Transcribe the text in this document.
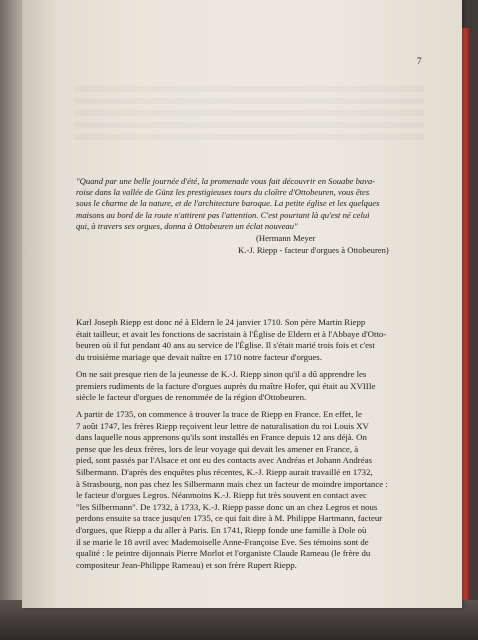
7

"Quand par une belle journée d'été, la promenade vous fait découvrir en Souabe bava-
roise dans la vallée de Günz les prestigieuses tours du cloître d'Ottobeuren, vous êtes
sous le charme de la nature, et de l'architecture baroque. La petite église et les quelques
maisons au bord de la route n'attirent pas l'attention. C'est pourtant là qu'est né celui
qui, à travers ses orgues, donna à Ottobeuren un éclat nouveau"

(Hermann Meyer
K.-J. Riepp - facteur d'orgues à Ottobeuren)
Karl Joseph Riepp est donc né à Eldern le 24 janvier 1710. Son père Martin Riepp
était tailleur, et avait les fonctions de sacristain à l'Église de Eldern et à l'Abbaye d'Otto-
beuren où il fut pendant 40 ans au service de l'Église. Il s'était marié trois fois et c'est
du troisième mariage que devait naître en 1710 notre facteur d'orgues.
On ne sait presque rien de la jeunesse de K.-J. Riepp sinon qu'il a dû apprendre les
premiers rudiments de la facture d'orgues auprès du maître Hofer, qui était au XVIIIe
siècle le facteur d'orgues de renommée de la région d'Ottobeuren.
A partir de 1735, on commence à trouver la trace de Riepp en France. En effet, le
7 août 1747, les frères Riepp reçoivent leur lettre de naturalisation du roi Louis XV
dans laquelle nous apprenons qu'ils sont installés en France depuis 12 ans déjà. On
pense que les deux frères, lors de leur voyage qui devait les amener en France, à
pied, sont passés par l'Alsace et ont eu des contacts avec Andréas et Johann Andréas
Silbermann. D'après des enquêtes plus récentes, K.-J. Riepp aurait travaillé en 1732,
à Strasbourg, non pas chez les Silbermann mais chez un facteur de moindre importance :
le facteur d'orgues Legros. Néanmoins K.-J. Riepp fut très souvent en contact avec
"les Silbermann". De 1732, à 1733, K.-J. Riepp passe donc un an chez Legros et nous
perdons ensuite sa trace jusqu'en 1735, ce qui fait dire à M. Philippe Hartmann, facteur
d'orgues, que Riepp a du aller à Paris. En 1741, Riepp fonde une famille à Dole où
il se marie le 18 avril avec Mademoiselle Anne-Françoise Eve. Ses témoins sont de
qualité : le peintre dijonnais Pierre Morlot et l'organiste Claude Rameau (le frère du
compositeur Jean-Philippe Rameau) et son frère Rupert Riepp.
